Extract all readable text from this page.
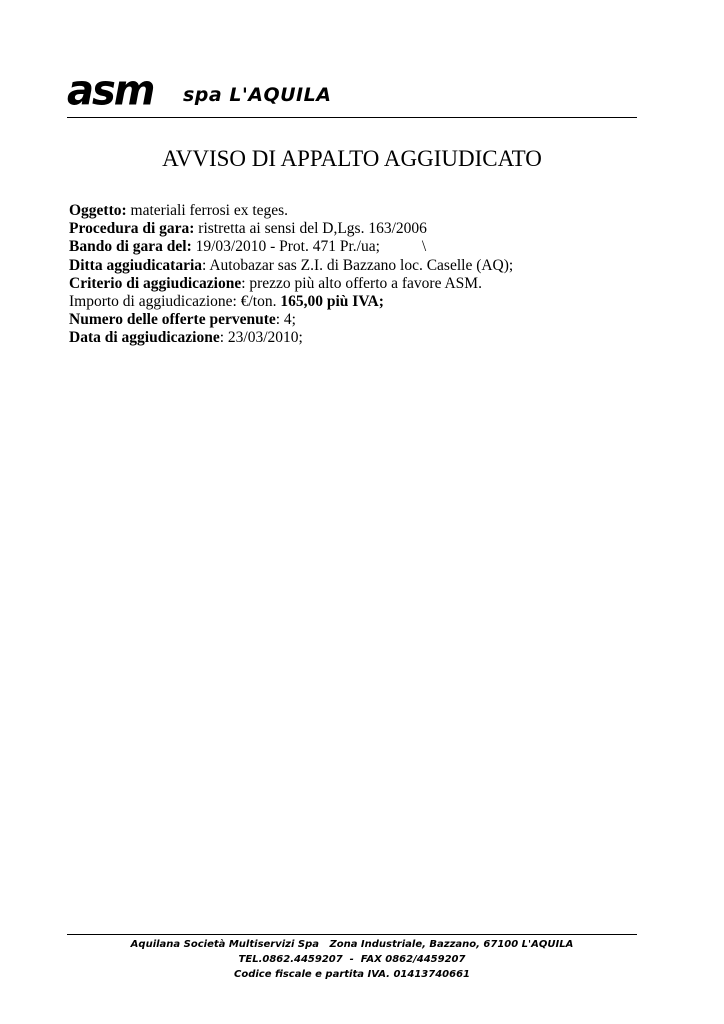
asm spa L'AQUILA
AVVISO DI APPALTO AGGIUDICATO
Oggetto: materiali ferrosi ex teges.
Procedura di gara: ristretta ai sensi del D,Lgs. 163/2006
Bando di gara del: 19/03/2010 - Prot. 471 Pr./ua;	\
Ditta aggiudicataria: Autobazar sas Z.I. di Bazzano loc. Caselle (AQ);
Criterio di aggiudicazione: prezzo più alto offerto a favore ASM.
Importo di aggiudicazione: €/ton. 165,00 più IVA;
Numero delle offerte pervenute: 4;
Data di aggiudicazione: 23/03/2010;
Aquilana Società Multiservizi Spa   Zona Industriale, Bazzano, 67100 L'AQUILA
TEL.0862.4459207  -  FAX 0862/4459207
Codice fiscale e partita IVA. 01413740661
